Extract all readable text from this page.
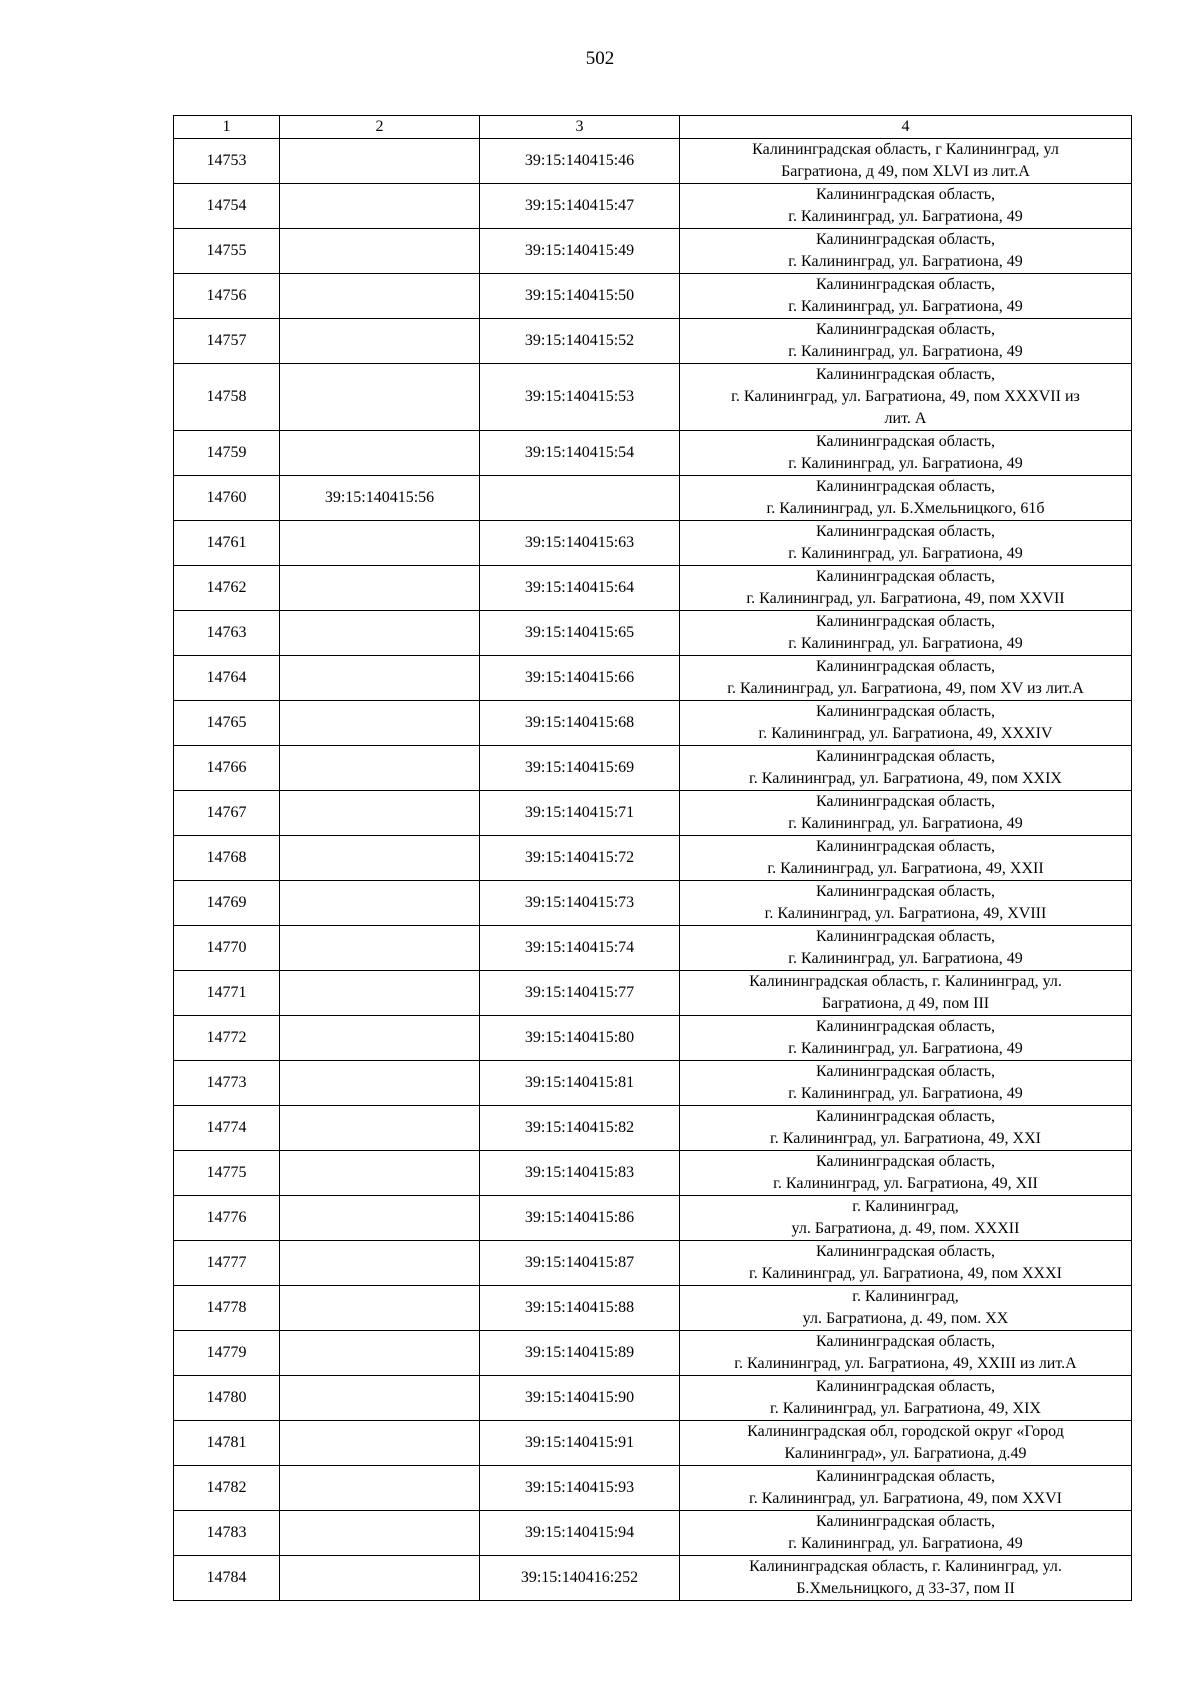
502
1	2	3	4
14753		39:15:140415:46	Калининградская область, г Калининград, ул
Багратиона, д 49, пом XLVI из лит.А
14754		39:15:140415:47	Калининградская область,
г. Калининград, ул. Багратиона, 49
14755		39:15:140415:49	Калининградская область,
г. Калининград, ул. Багратиона, 49
14756		39:15:140415:50	Калининградская область,
г. Калининград, ул. Багратиона, 49
14757		39:15:140415:52	Калининградская область,
г. Калининград, ул. Багратиона, 49
14758		39:15:140415:53	Калининградская область,
г. Калининград, ул. Багратиона, 49, пом XXXVII из
лит. А
14759		39:15:140415:54	Калининградская область,
г. Калининград, ул. Багратиона, 49
14760	39:15:140415:56		Калининградская область,
г. Калининград, ул. Б.Хмельницкого, 61б
14761		39:15:140415:63	Калининградская область,
г. Калининград, ул. Багратиона, 49
14762		39:15:140415:64	Калининградская область,
г. Калининград, ул. Багратиона, 49, пом XXVII
14763		39:15:140415:65	Калининградская область,
г. Калининград, ул. Багратиона, 49
14764		39:15:140415:66	Калининградская область,
г. Калининград, ул. Багратиона, 49, пом XV из лит.А
14765		39:15:140415:68	Калининградская область,
г. Калининград, ул. Багратиона, 49, XXXIV
14766		39:15:140415:69	Калининградская область,
г. Калининград, ул. Багратиона, 49, пом XXIX
14767		39:15:140415:71	Калининградская область,
г. Калининград, ул. Багратиона, 49
14768		39:15:140415:72	Калининградская область,
г. Калининград, ул. Багратиона, 49, XXII
14769		39:15:140415:73	Калининградская область,
г. Калининград, ул. Багратиона, 49, XVIII
14770		39:15:140415:74	Калининградская область,
г. Калининград, ул. Багратиона, 49
14771		39:15:140415:77	Калининградская область, г. Калининград, ул.
Багратиона, д 49, пом III
14772		39:15:140415:80	Калининградская область,
г. Калининград, ул. Багратиона, 49
14773		39:15:140415:81	Калининградская область,
г. Калининград, ул. Багратиона, 49
14774		39:15:140415:82	Калининградская область,
г. Калининград, ул. Багратиона, 49, XXI
14775		39:15:140415:83	Калининградская область,
г. Калининград, ул. Багратиона, 49, XII
14776		39:15:140415:86	г. Калининград,
ул. Багратиона, д. 49, пом. XXXII
14777		39:15:140415:87	Калининградская область,
г. Калининград, ул. Багратиона, 49, пом XXXI
14778		39:15:140415:88	г. Калининград,
ул. Багратиона, д. 49, пом. XX
14779		39:15:140415:89	Калининградская область,
г. Калининград, ул. Багратиона, 49, XXIII из лит.А
14780		39:15:140415:90	Калининградская область,
г. Калининград, ул. Багратиона, 49, XIX
14781		39:15:140415:91	Калининградская обл, городской округ «Город
Калининград», ул. Багратиона, д.49
14782		39:15:140415:93	Калининградская область,
г. Калининград, ул. Багратиона, 49, пом XXVI
14783		39:15:140415:94	Калининградская область,
г. Калининград, ул. Багратиона, 49
14784		39:15:140416:252	Калининградская область, г. Калининград, ул.
Б.Хмельницкого, д 33-37, пом II
